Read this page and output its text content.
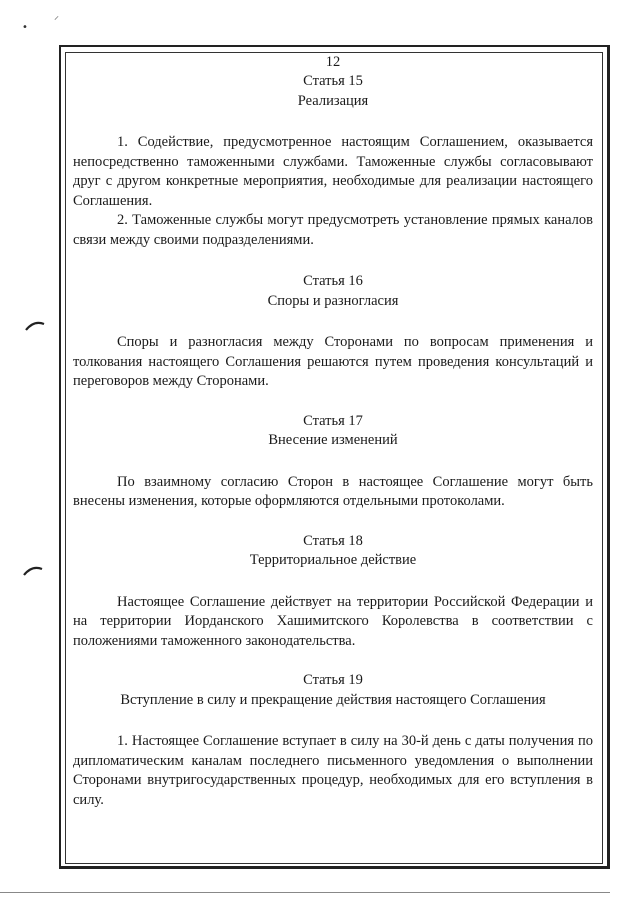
•
⸝
12
Статья 15
Реализация

1. Содействие, предусмотренное настоящим Соглашением, оказывается непосредственно таможенными службами. Таможенные службы согласовывают друг с другом конкретные мероприятия, необходимые для реализации настоящего Соглашения.

2. Таможенные службы могут предусмотреть установление прямых каналов связи между своими подразделениями.

Статья 16
Споры и разногласия

Споры и разногласия между Сторонами по вопросам применения и толкования настоящего Соглашения решаются путем проведения консультаций и переговоров между Сторонами.

Статья 17
Внесение изменений

По взаимному согласию Сторон в настоящее Соглашение могут быть внесены изменения, которые оформляются отдельными протоколами.

Статья 18
Территориальное действие

Настоящее Соглашение действует на территории Российской Федерации и на территории Иорданского Хашимитского Королевства в соответствии с положениями таможенного законодательства.

Статья 19
Вступление в силу и прекращение действия настоящего Соглашения

1. Настоящее Соглашение вступает в силу на 30-й день с даты получения по дипломатическим каналам последнего письменного уведомления о выполнении Сторонами внутригосударственных процедур, необходимых для его вступления в силу.
